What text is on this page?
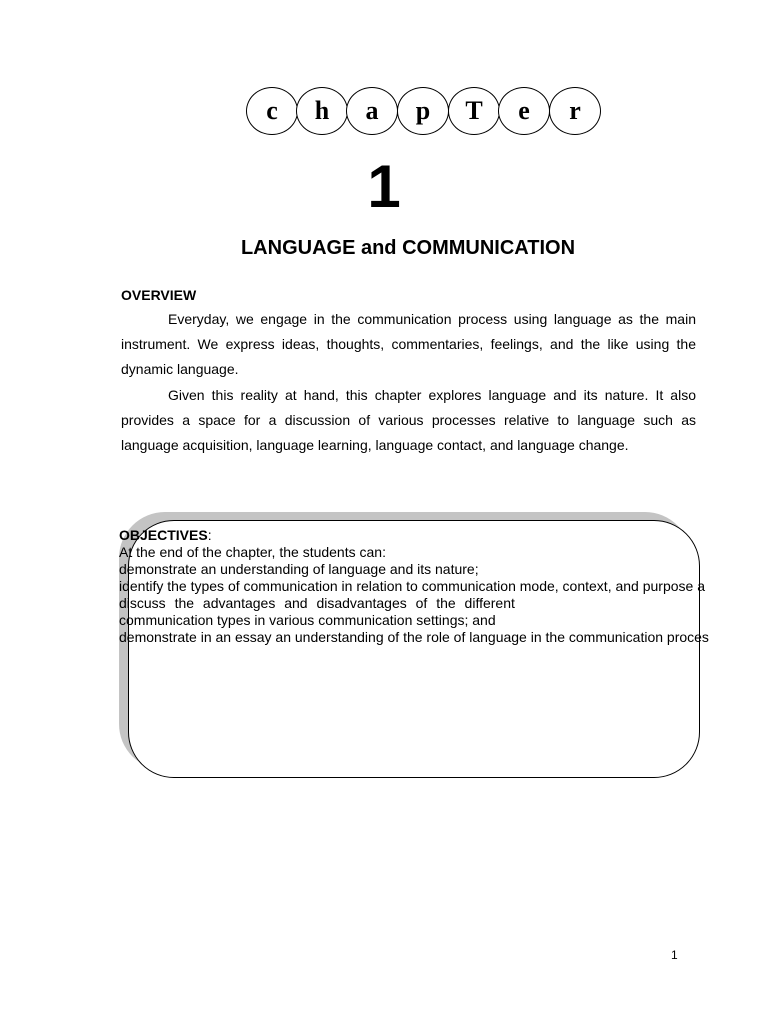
c	h	a	p	T	e	r
1
LANGUAGE and COMMUNICATION
OVERVIEW

Everyday, we engage in the communication process using language as the main instrument. We express ideas, thoughts, commentaries, feelings, and the like using the dynamic language.

Given this reality at hand, this chapter explores language and its nature. It also provides a space for a discussion of various processes relative to language such as language acquisition, language learning, language contact, and language change.

OBJECTIVES:
At the end of the chapter, the students can:
demonstrate an understanding of language and its nature;
identify the types of communication in relation to communication mode, context, and purpose a
discuss the advantages and disadvantages of the different
communication types in various communication settings; and
demonstrate in an essay an understanding of the role of language in the communication proces
1
